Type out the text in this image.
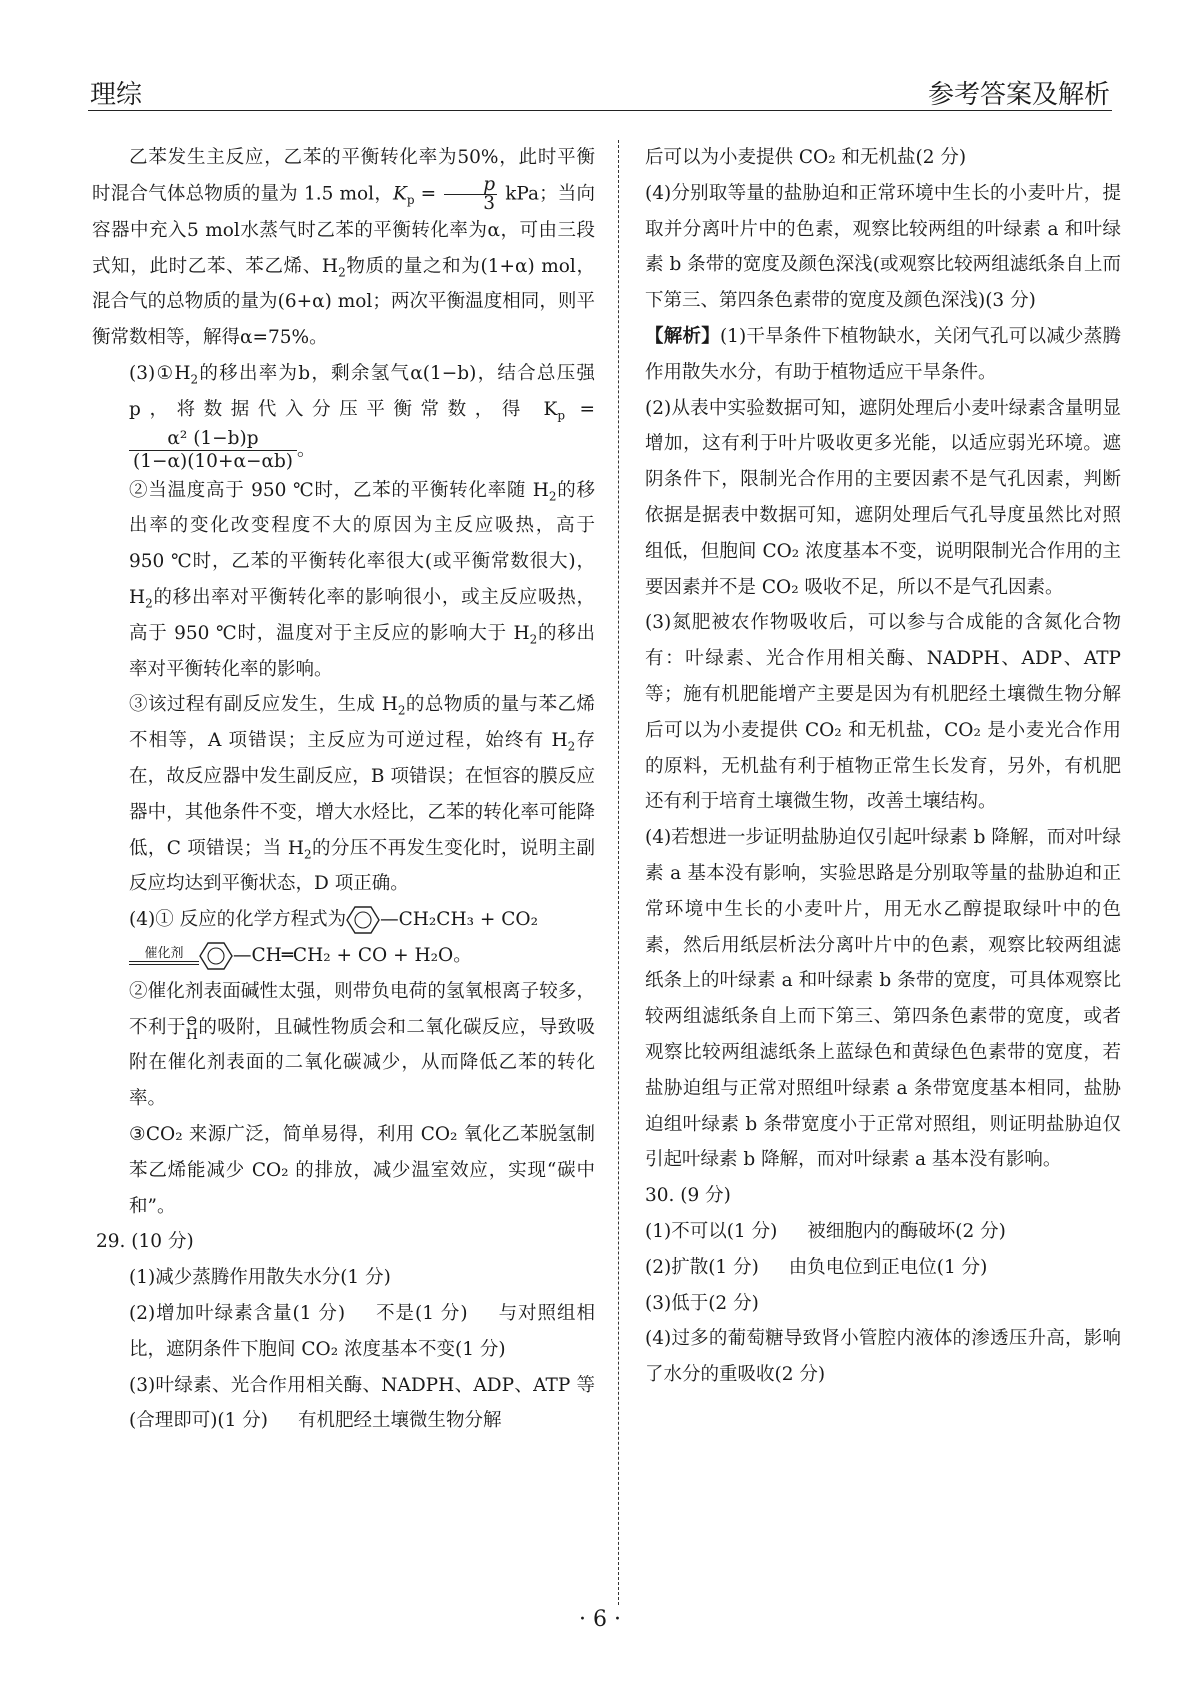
理综	参考答案及解析

乙苯发生主反应，乙苯的平衡转化率为50%，此时平衡时混合气体总物质的量为 1.5 mol，$K_p = \frac{p}{3}$ kPa；当向容器中充入5 mol水蒸气时乙苯的平衡转化率为α，可由三段式知，此时乙苯、苯乙烯、$H_2$物质的量之和为(1+α) mol，混合气的总物质的量为(6+α) mol；两次平衡温度相同，则平衡常数相等，解得α=75%。

$(3)①H_2$的移出率为b，剩余氢气α(1−b)，结合总压强 p，将数据代入分压平衡常数，得 $K_p$ =
$\frac{\text{α² (1−b)p}}{(1-\alpha)(10+\alpha-\alpha b)}$ 。

②当温度高于 950 ℃时，乙苯的平衡转化率随 $H_2$的移出率的变化改变程度不大的原因为主反应吸热，高于 950 ℃时，乙苯的平衡转化率很大(或平衡常数很大)，$H_2$的移出率对平衡转化率的影响很小，或主反应吸热，高于 950 ℃时，温度对于主反应的影响大于 $H_2$的移出率对平衡转化率的影响。

③该过程有副反应发生，生成 $H_2$的总物质的量与苯乙烯不相等，A 项错误；主反应为可逆过程，始终有 $H_2$存在，故反应器中发生副反应，B 项错误；在恒容的膜反应器中，其他条件不变，增大水烃比，乙苯的转化率可能降低，C 项错误；当 $H_2$的分压不再发生变化时，说明主副反应均达到平衡状态，D 项正确。

(4)① 反应的化学方程式为 —CH₂CH₃ + CO₂

催化剂	—CH═CH₂ + CO + H₂O。

②催化剂表面碱性太强，则带负电荷的氢氧根离子较多，不利于⊖
H的吸附，且碱性物质会和二氧化碳反应，导致吸附在催化剂表面的二氧化碳减少，从而降低乙苯的转化率。

③CO₂ 来源广泛，简单易得，利用 CO₂ 氧化乙苯脱氢制苯乙烯能减少 CO₂ 的排放，减少温室效应，实现“碳中和”。

29. (10 分)

(1)减少蒸腾作用散失水分(1 分)

(2)增加叶绿素含量(1 分) 不是(1 分) 与对照组相比，遮阴条件下胞间 CO₂ 浓度基本不变(1 分)

(3)叶绿素、光合作用相关酶、NADPH、ADP、ATP 等(合理即可)(1 分) 有机肥经土壤微生物分解

后可以为小麦提供 CO₂ 和无机盐(2 分)

(4)分别取等量的盐胁迫和正常环境中生长的小麦叶片，提取并分离叶片中的色素，观察比较两组的叶绿素 a 和叶绿素 b 条带的宽度及颜色深浅(或观察比较两组滤纸条自上而下第三、第四条色素带的宽度及颜色深浅)(3 分)

【解析】(1)干旱条件下植物缺水，关闭气孔可以减少蒸腾作用散失水分，有助于植物适应干旱条件。

(2)从表中实验数据可知，遮阴处理后小麦叶绿素含量明显增加，这有利于叶片吸收更多光能，以适应弱光环境。遮阴条件下，限制光合作用的主要因素不是气孔因素，判断依据是据表中数据可知，遮阴处理后气孔导度虽然比对照组低，但胞间 CO₂ 浓度基本不变，说明限制光合作用的主要因素并不是 CO₂ 吸收不足，所以不是气孔因素。

(3)氮肥被农作物吸收后，可以参与合成能的含氮化合物有：叶绿素、光合作用相关酶、NADPH、ADP、ATP 等；施有机肥能增产主要是因为有机肥经土壤微生物分解后可以为小麦提供 CO₂ 和无机盐，CO₂ 是小麦光合作用的原料，无机盐有利于植物正常生长发育，另外，有机肥还有利于培育土壤微生物，改善土壤结构。

(4)若想进一步证明盐胁迫仅引起叶绿素 b 降解，而对叶绿素 a 基本没有影响，实验思路是分别取等量的盐胁迫和正常环境中生长的小麦叶片，用无水乙醇提取绿叶中的色素，然后用纸层析法分离叶片中的色素，观察比较两组滤纸条上的叶绿素 a 和叶绿素 b 条带的宽度，可具体观察比较两组滤纸条自上而下第三、第四条色素带的宽度，或者观察比较两组滤纸条上蓝绿色和黄绿色色素带的宽度，若盐胁迫组与正常对照组叶绿素 a 条带宽度基本相同，盐胁迫组叶绿素 b 条带宽度小于正常对照组，则证明盐胁迫仅引起叶绿素 b 降解，而对叶绿素 a 基本没有影响。

30. (9 分)

(1)不可以(1 分) 被细胞内的酶破坏(2 分)

(2)扩散(1 分) 由负电位到正电位(1 分)

(3)低于(2 分)

(4)过多的葡萄糖导致肾小管腔内液体的渗透压升高，影响了水分的重吸收(2 分)

· 6 ·
